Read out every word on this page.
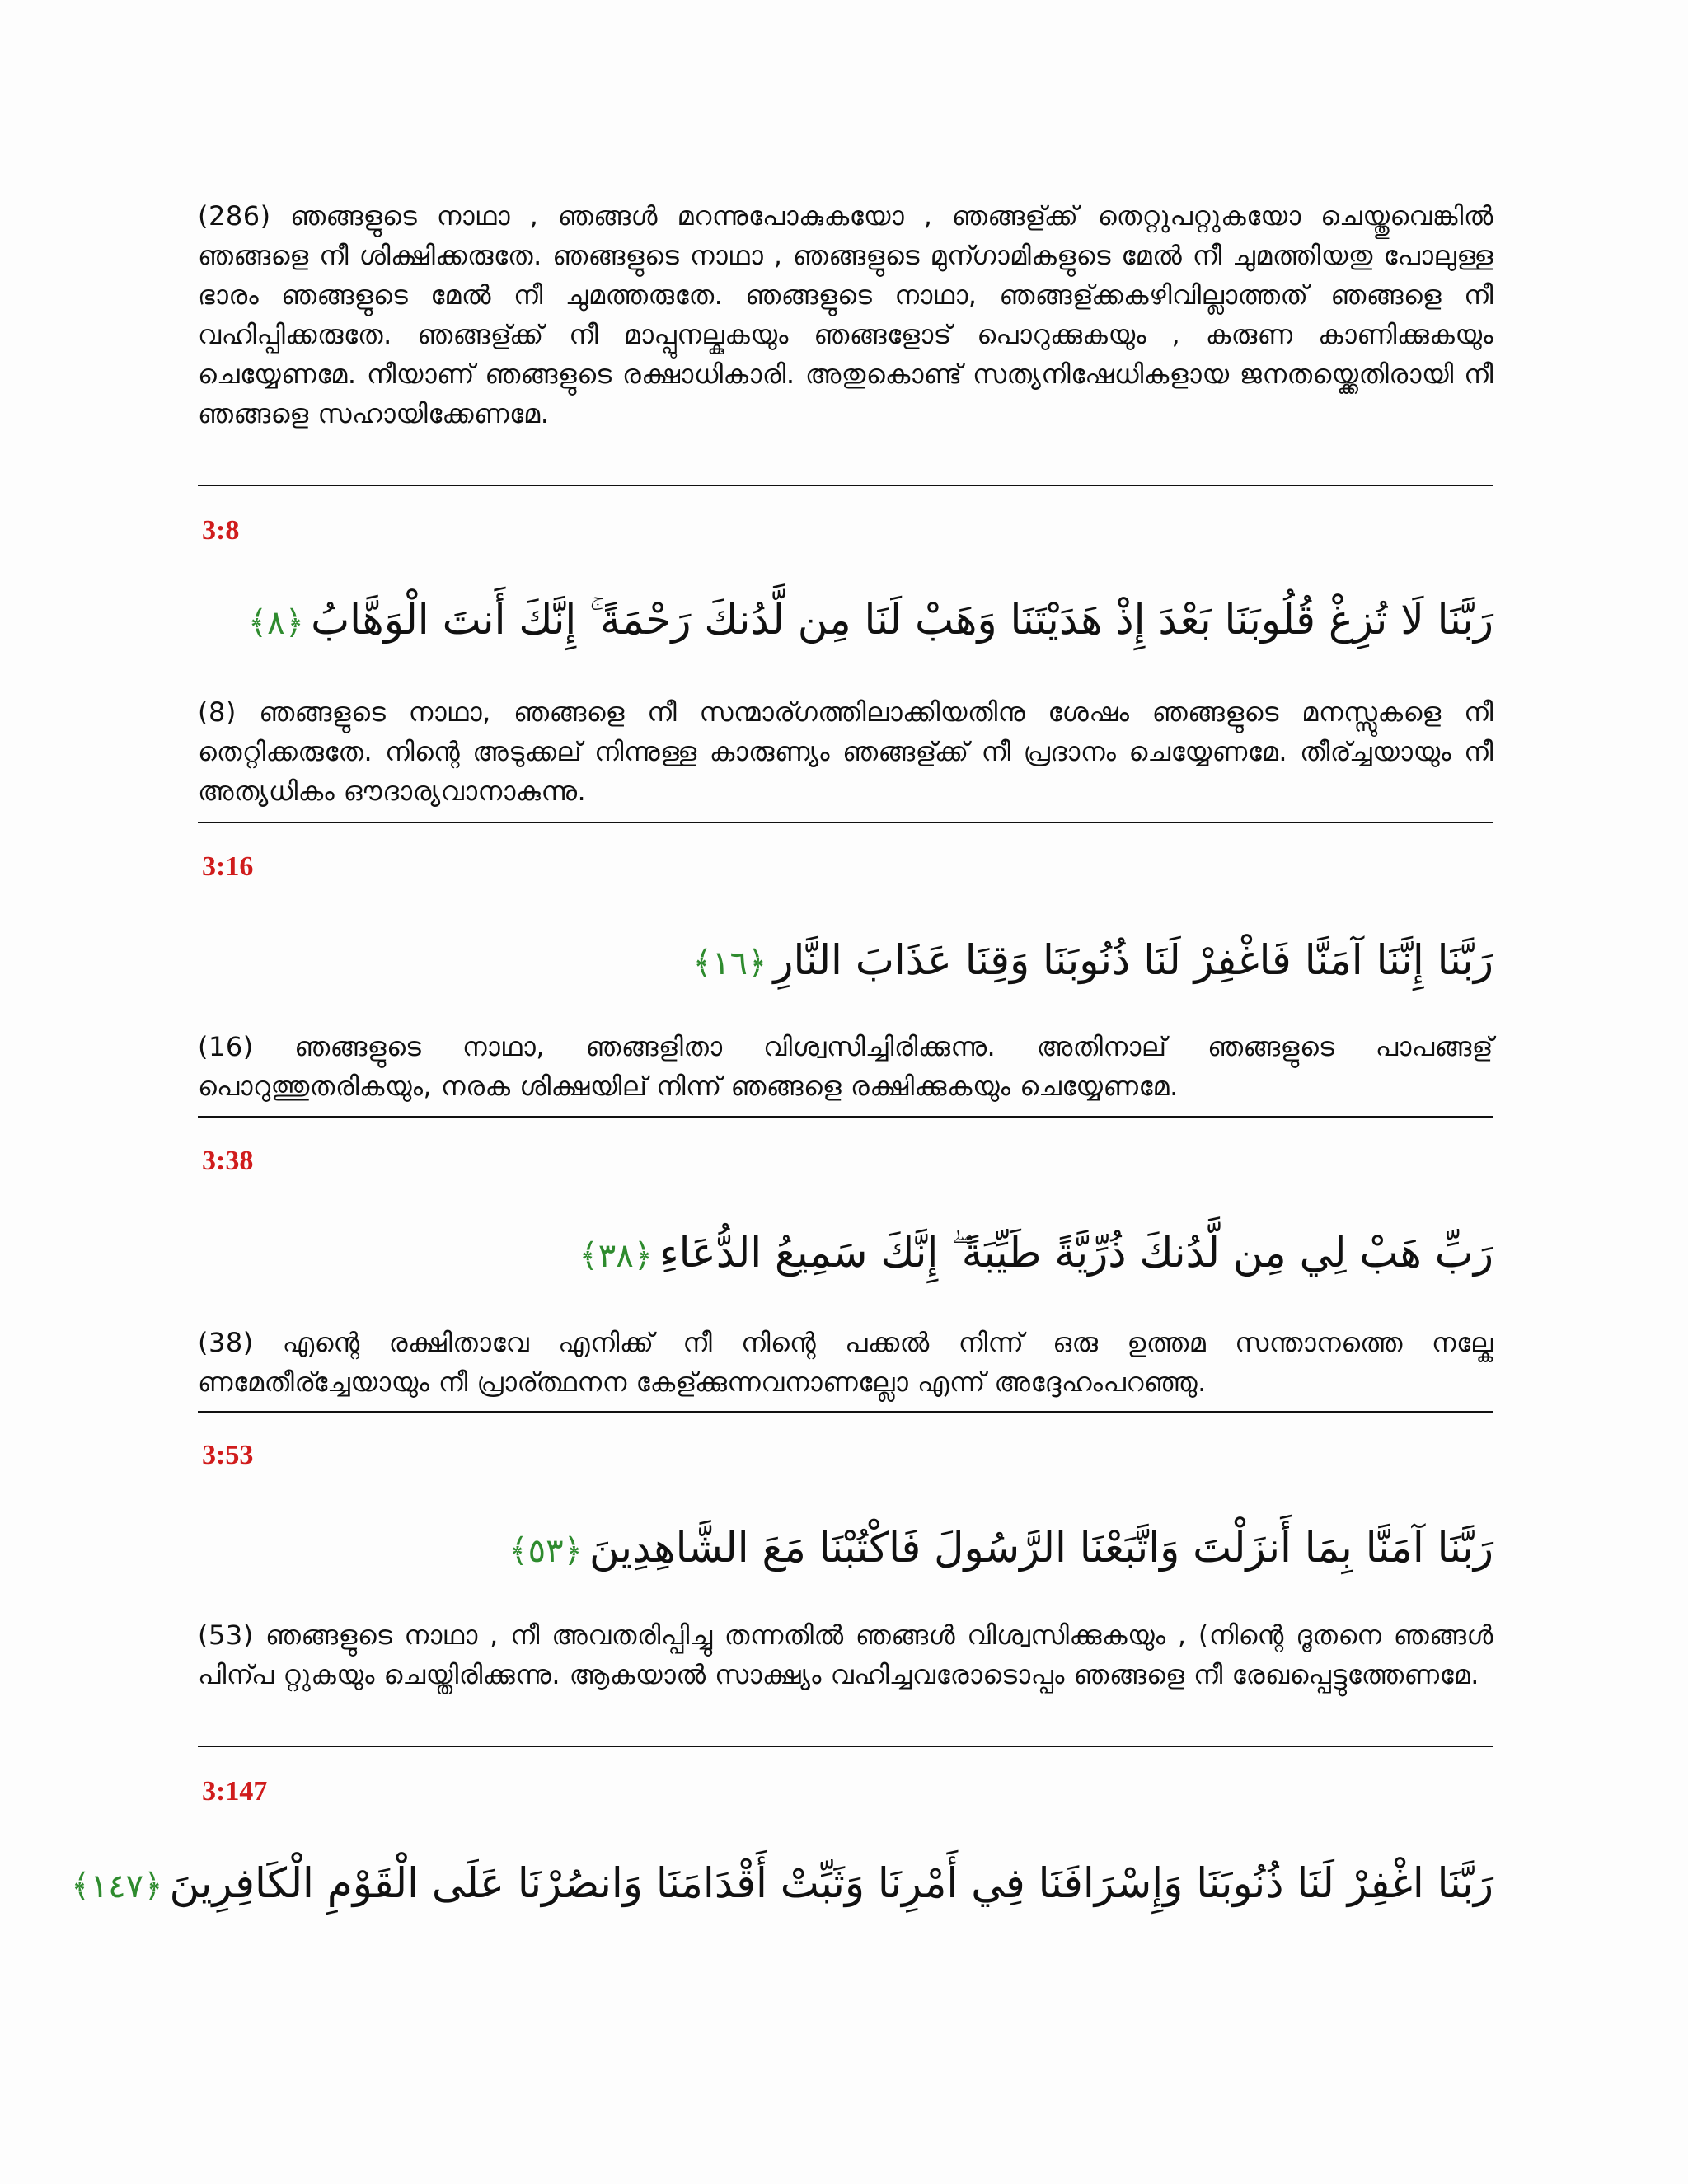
(286) ഞങ്ങളുടെ നാഥാ , ഞങ്ങൾ മറന്നുപോകുകയോ , ഞങ്ങള്ക്ക് തെറ്റുപറ്റുകയോ ചെയ്തുവെങ്കിൽ ഞങ്ങളെ നീ ശിക്ഷിക്കരുതേ. ഞങ്ങളുടെ നാഥാ , ഞങ്ങളുടെ മുന്ഗാമികളുടെ മേൽ നീ ചുമത്തിയതു പോലുള്ള ഭാരം ഞങ്ങളുടെ മേൽ നീ ചുമത്തരുതേ. ഞങ്ങളുടെ നാഥാ, ഞങ്ങള്ക്കകഴിവില്ലാത്തത് ഞങ്ങളെ നീ വഹിപ്പിക്കരുതേ. ഞങ്ങള്ക്ക് നീ മാപ്പുനല്കുകയും ഞങ്ങളോട് പൊറുക്കുകയും , കരുണ കാണിക്കുകയും ചെയ്യേണമേ. നീയാണ് ഞങ്ങളുടെ രക്ഷാധികാരി. അതുകൊണ്ട് സത്യനിഷേധികളായ ജനതയ്ക്കെതിരായി നീ ഞങ്ങളെ സഹായിക്കേണമേ.
3:8
رَبَّنَا لَا تُزِغْ قُلُوبَنَا بَعْدَ إِذْ هَدَيْتَنَا وَهَبْ لَنَا مِن لَّدُنكَ رَحْمَةً ۚ إِنَّكَ أَنتَ الْوَهَّابُ﴿٨﴾
(8) ഞങ്ങളുടെ നാഥാ, ഞങ്ങളെ നീ സന്മാര്ഗത്തിലാക്കിയതിനു ശേഷം ഞങ്ങളുടെ മനസ്സുകളെ നീ തെറ്റിക്കരുതേ. നിന്റെ അടുക്കല് നിന്നുള്ള കാരുണ്യം ഞങ്ങള്ക്ക് നീ പ്രദാനം ചെയ്യേണമേ. തീര്ച്ചയായും നീ അത്യധികം ഔദാര്യവാനാകുന്നു.
3:16
رَبَّنَا إِنَّنَا آمَنَّا فَاغْفِرْ لَنَا ذُنُوبَنَا وَقِنَا عَذَابَ النَّارِ﴿١٦﴾
(16) ഞങ്ങളുടെ നാഥാ, ഞങ്ങളിതാ വിശ്വസിച്ചിരിക്കുന്നു. അതിനാല് ഞങ്ങളുടെ പാപങ്ങള് പൊറുത്തുതരികയും, നരക ശിക്ഷയില് നിന്ന് ഞങ്ങളെ രക്ഷിക്കുകയും ചെയ്യേണമേ.
3:38
رَبِّ هَبْ لِي مِن لَّدُنكَ ذُرِّيَّةً طَيِّبَةً ۖ إِنَّكَ سَمِيعُ الدُّعَاءِ﴿٣٨﴾
(38) എന്റെ രക്ഷിതാവേ എനിക്ക് നീ നിന്റെ പക്കൽ നിന്ന് ഒരു ഉത്തമ സന്താനത്തെ നല്കേ ണമേതീര്ച്ചേയായും നീ പ്രാര്ത്ഥനന കേള്ക്കുന്നവനാണല്ലോ എന്ന് അദ്ദേഹംപറഞ്ഞു.
3:53
رَبَّنَا آمَنَّا بِمَا أَنزَلْتَ وَاتَّبَعْنَا الرَّسُولَ فَاكْتُبْنَا مَعَ الشَّاهِدِينَ﴿٥٣﴾
(53) ഞങ്ങളുടെ നാഥാ , നീ അവതരിപ്പിച്ചു തന്നതിൽ ഞങ്ങൾ വിശ്വസിക്കുകയും , (നിന്റെ ദൂതനെ ഞങ്ങൾ പിന്പ റ്റുകയും ചെയ്തിരിക്കുന്നു. ആകയാൽ സാക്ഷ്യം വഹിച്ചവരോടൊപ്പം ഞങ്ങളെ നീ രേഖപ്പെട്ടുത്തേണമേ.
3:147
رَبَّنَا اغْفِرْ لَنَا ذُنُوبَنَا وَإِسْرَافَنَا فِي أَمْرِنَا وَثَبِّتْ أَقْدَامَنَا وَانصُرْنَا عَلَى الْقَوْمِ الْكَافِرِينَ﴿١٤٧﴾
